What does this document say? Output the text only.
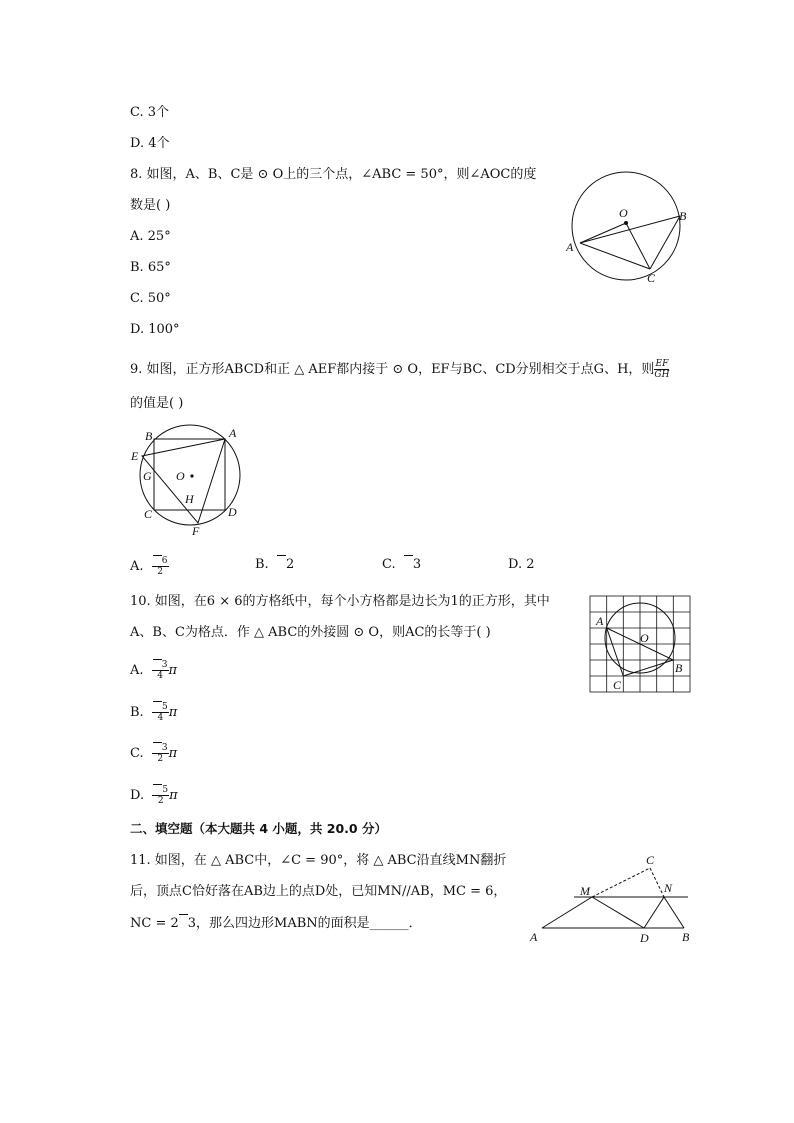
C. 3个
D. 4个
8. 如图，A、B、C是 ⊙ O上的三个点，∠ABC = 50°，则∠AOC的度
数是( )
A. 25°
B. 65°
C. 50°
D. 100°
O
A
B
C
9. 如图，正方形ABCD和正 △ AEF都内接于 ⊙ O，EF与BC、CD分别相交于点G、H，则 $\frac{EF}{GH}$
的值是( )
B	A
E
G O
H
C	D
F
A. $\frac{6}{2}$	B. 2	C. 3	D. 2
10. 如图，在6 × 6的方格纸中，每个小方格都是边长为1的正方形，其中
A、B、C为格点．作 △ ABC的外接圆 ⊙ O，则AC的长等于( )
A. $\frac{3}{4}$ π
B. $\frac{5}{4}$ π
C. $\frac{3}{2}$ π
D. $\frac{5}{2}$ π
A
O
B
C
二、填空题（本大题共 4 小题，共 20.0 分）
11. 如图，在 △ ABC中，∠C = 90°，将 △ ABC沿直线MN翻折
后，顶点C恰好落在AB边上的点D处，已知MN//AB，MC = 6，
NC = 2 3，那么四边形MABN的面积是______．
A	D	B
M	N
C
